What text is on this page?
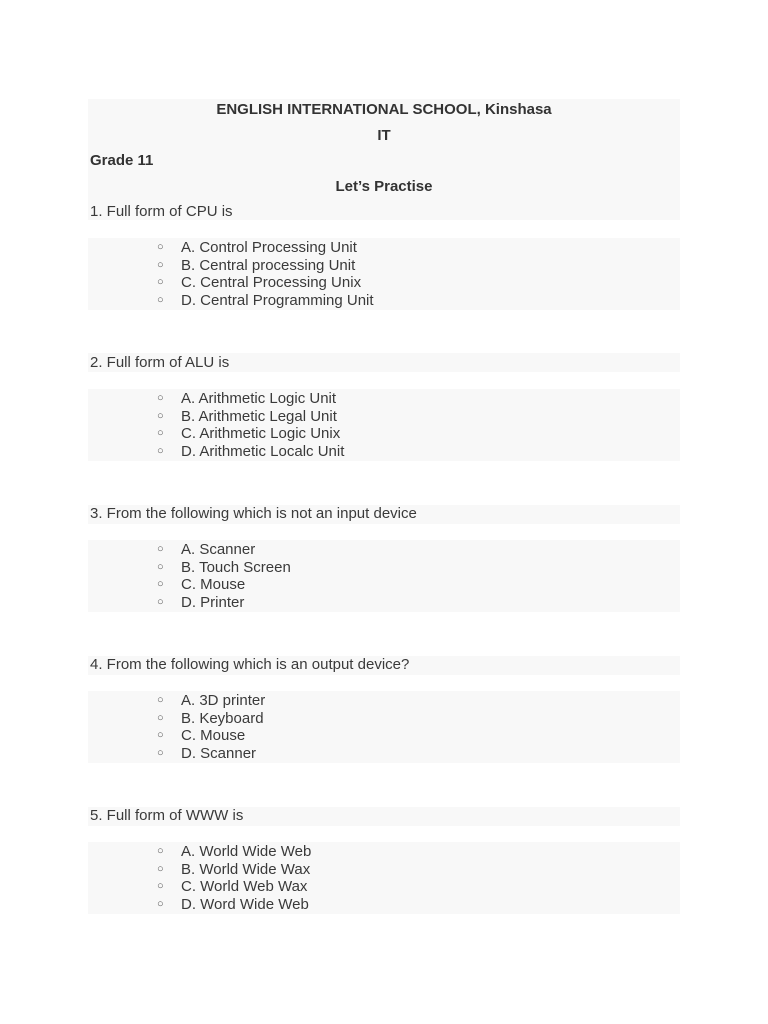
ENGLISH INTERNATIONAL SCHOOL, Kinshasa
IT
Grade 11
Let’s Practise
1. Full form of CPU is
○ A. Control Processing Unit
○ B. Central processing Unit
○ C. Central Processing Unix
○ D. Central Programming Unit
2. Full form of ALU is
○ A. Arithmetic Logic Unit
○ B. Arithmetic Legal Unit
○ C. Arithmetic Logic Unix
○ D. Arithmetic Localc Unit
3. From the following which is not an input device
○ A. Scanner
○ B. Touch Screen
○ C. Mouse
○ D. Printer
4. From the following which is an output device?
○ A. 3D printer
○ B. Keyboard
○ C. Mouse
○ D. Scanner
5. Full form of WWW is
○ A. World Wide Web
○ B. World Wide Wax
○ C. World Web Wax
○ D. Word Wide Web
